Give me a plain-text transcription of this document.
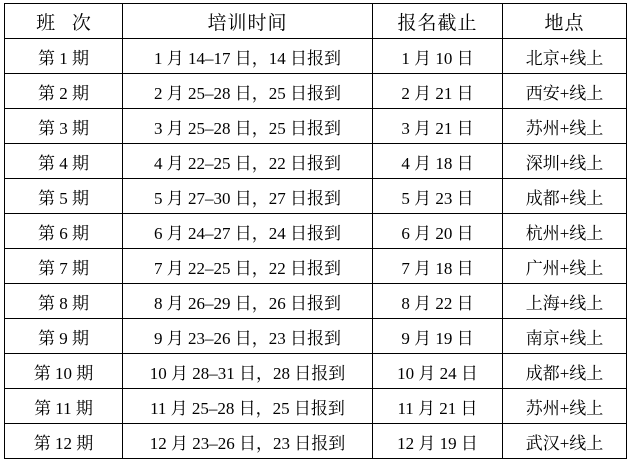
班 次	培训时间	报名截止	地点
第 1 期	1 月 14–17 日，14 日报到	1 月 10 日	北京+线上
第 2 期	2 月 25–28 日，25 日报到	2 月 21 日	西安+线上
第 3 期	3 月 25–28 日，25 日报到	3 月 21 日	苏州+线上
第 4 期	4 月 22–25 日，22 日报到	4 月 18 日	深圳+线上
第 5 期	5 月 27–30 日，27 日报到	5 月 23 日	成都+线上
第 6 期	6 月 24–27 日，24 日报到	6 月 20 日	杭州+线上
第 7 期	7 月 22–25 日，22 日报到	7 月 18 日	广州+线上
第 8 期	8 月 26–29 日，26 日报到	8 月 22 日	上海+线上
第 9 期	9 月 23–26 日，23 日报到	9 月 19 日	南京+线上
第 10 期	10 月 28–31 日，28 日报到	10 月 24 日	成都+线上
第 11 期	11 月 25–28 日，25 日报到	11 月 21 日	苏州+线上
第 12 期	12 月 23–26 日，23 日报到	12 月 19 日	武汉+线上
